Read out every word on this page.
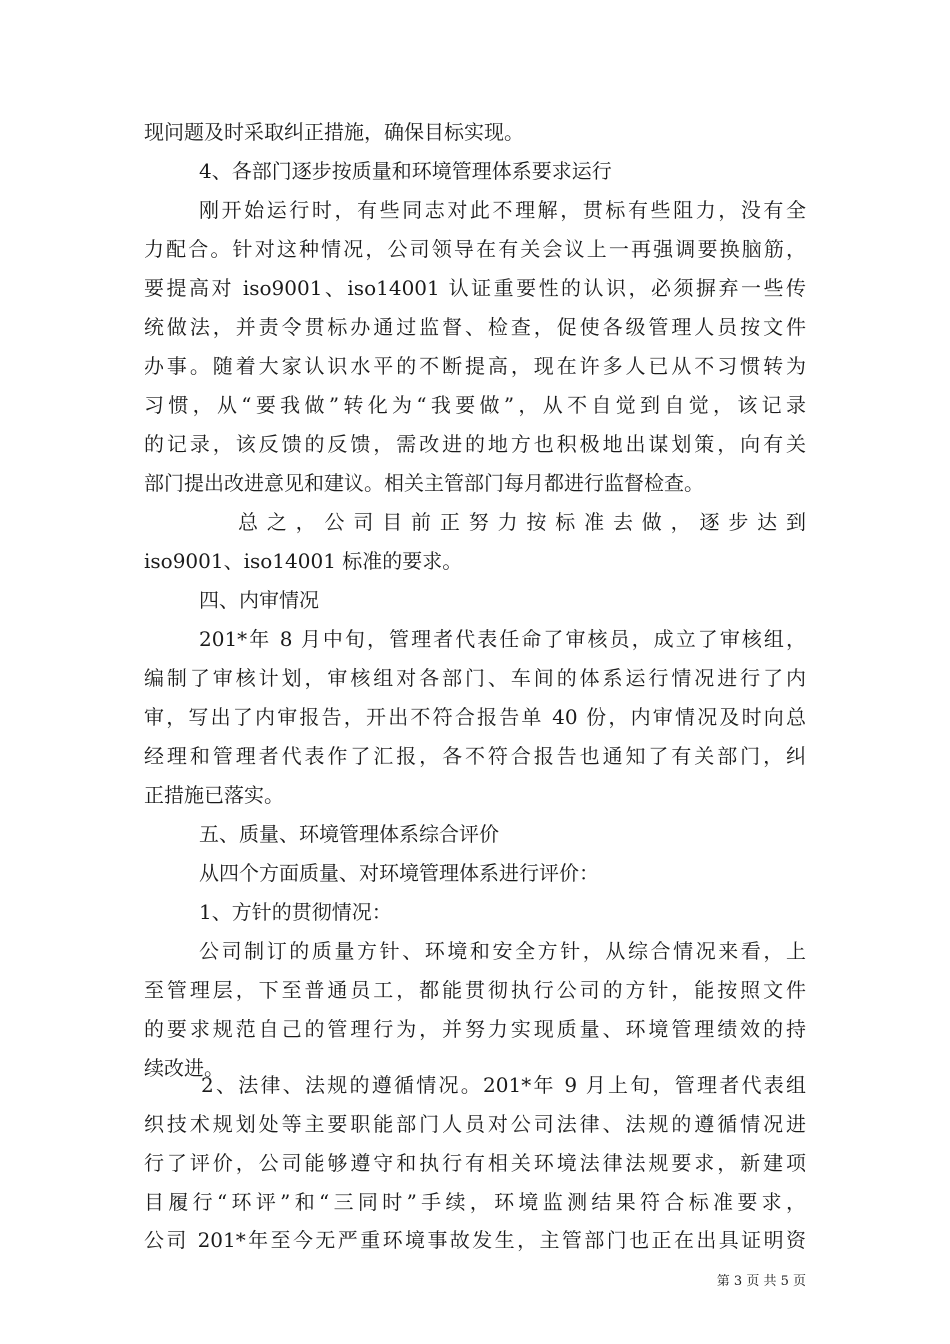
现问题及时采取纠正措施，确保目标实现。
4、各部门逐步按质量和环境管理体系要求运行
刚开始运行时，有些同志对此不理解，贯标有些阻力，没有全
力配合。针对这种情况，公司领导在有关会议上一再强调要换脑筋，
要提高对 iso9001、iso14001 认证重要性的认识，必须摒弃一些传
统做法，并责令贯标办通过监督、检查，促使各级管理人员按文件
办事。随着大家认识水平的不断提高，现在许多人已从不习惯转为
习惯，从“要我做”转化为“我要做”，从不自觉到自觉，该记录
的记录，该反馈的反馈，需改进的地方也积极地出谋划策，向有关
部门提出改进意见和建议。相关主管部门每月都进行监督检查。
总之，公司目前正努力按标准去做，逐步达到
iso9001、iso14001 标准的要求。
四、内审情况
201*年 8 月中旬，管理者代表任命了审核员，成立了审核组，
编制了审核计划，审核组对各部门、车间的体系运行情况进行了内
审，写出了内审报告，开出不符合报告单 40 份，内审情况及时向总
经理和管理者代表作了汇报，各不符合报告也通知了有关部门，纠
正措施已落实。
五、质量、环境管理体系综合评价
从四个方面质量、对环境管理体系进行评价：
1、方针的贯彻情况：
公司制订的质量方针、环境和安全方针，从综合情况来看，上
至管理层，下至普通员工，都能贯彻执行公司的方针，能按照文件
的要求规范自己的管理行为，并努力实现质量、环境管理绩效的持
续改进。
2、法律、法规的遵循情况。201*年 9 月上旬，管理者代表组
织技术规划处等主要职能部门人员对公司法律、法规的遵循情况进
行了评价，公司能够遵守和执行有相关环境法律法规要求，新建项
目履行“环评”和“三同时”手续，环境监测结果符合标准要求，
公司 201*年至今无严重环境事故发生，主管部门也正在出具证明资
第 3 页 共 5 页
